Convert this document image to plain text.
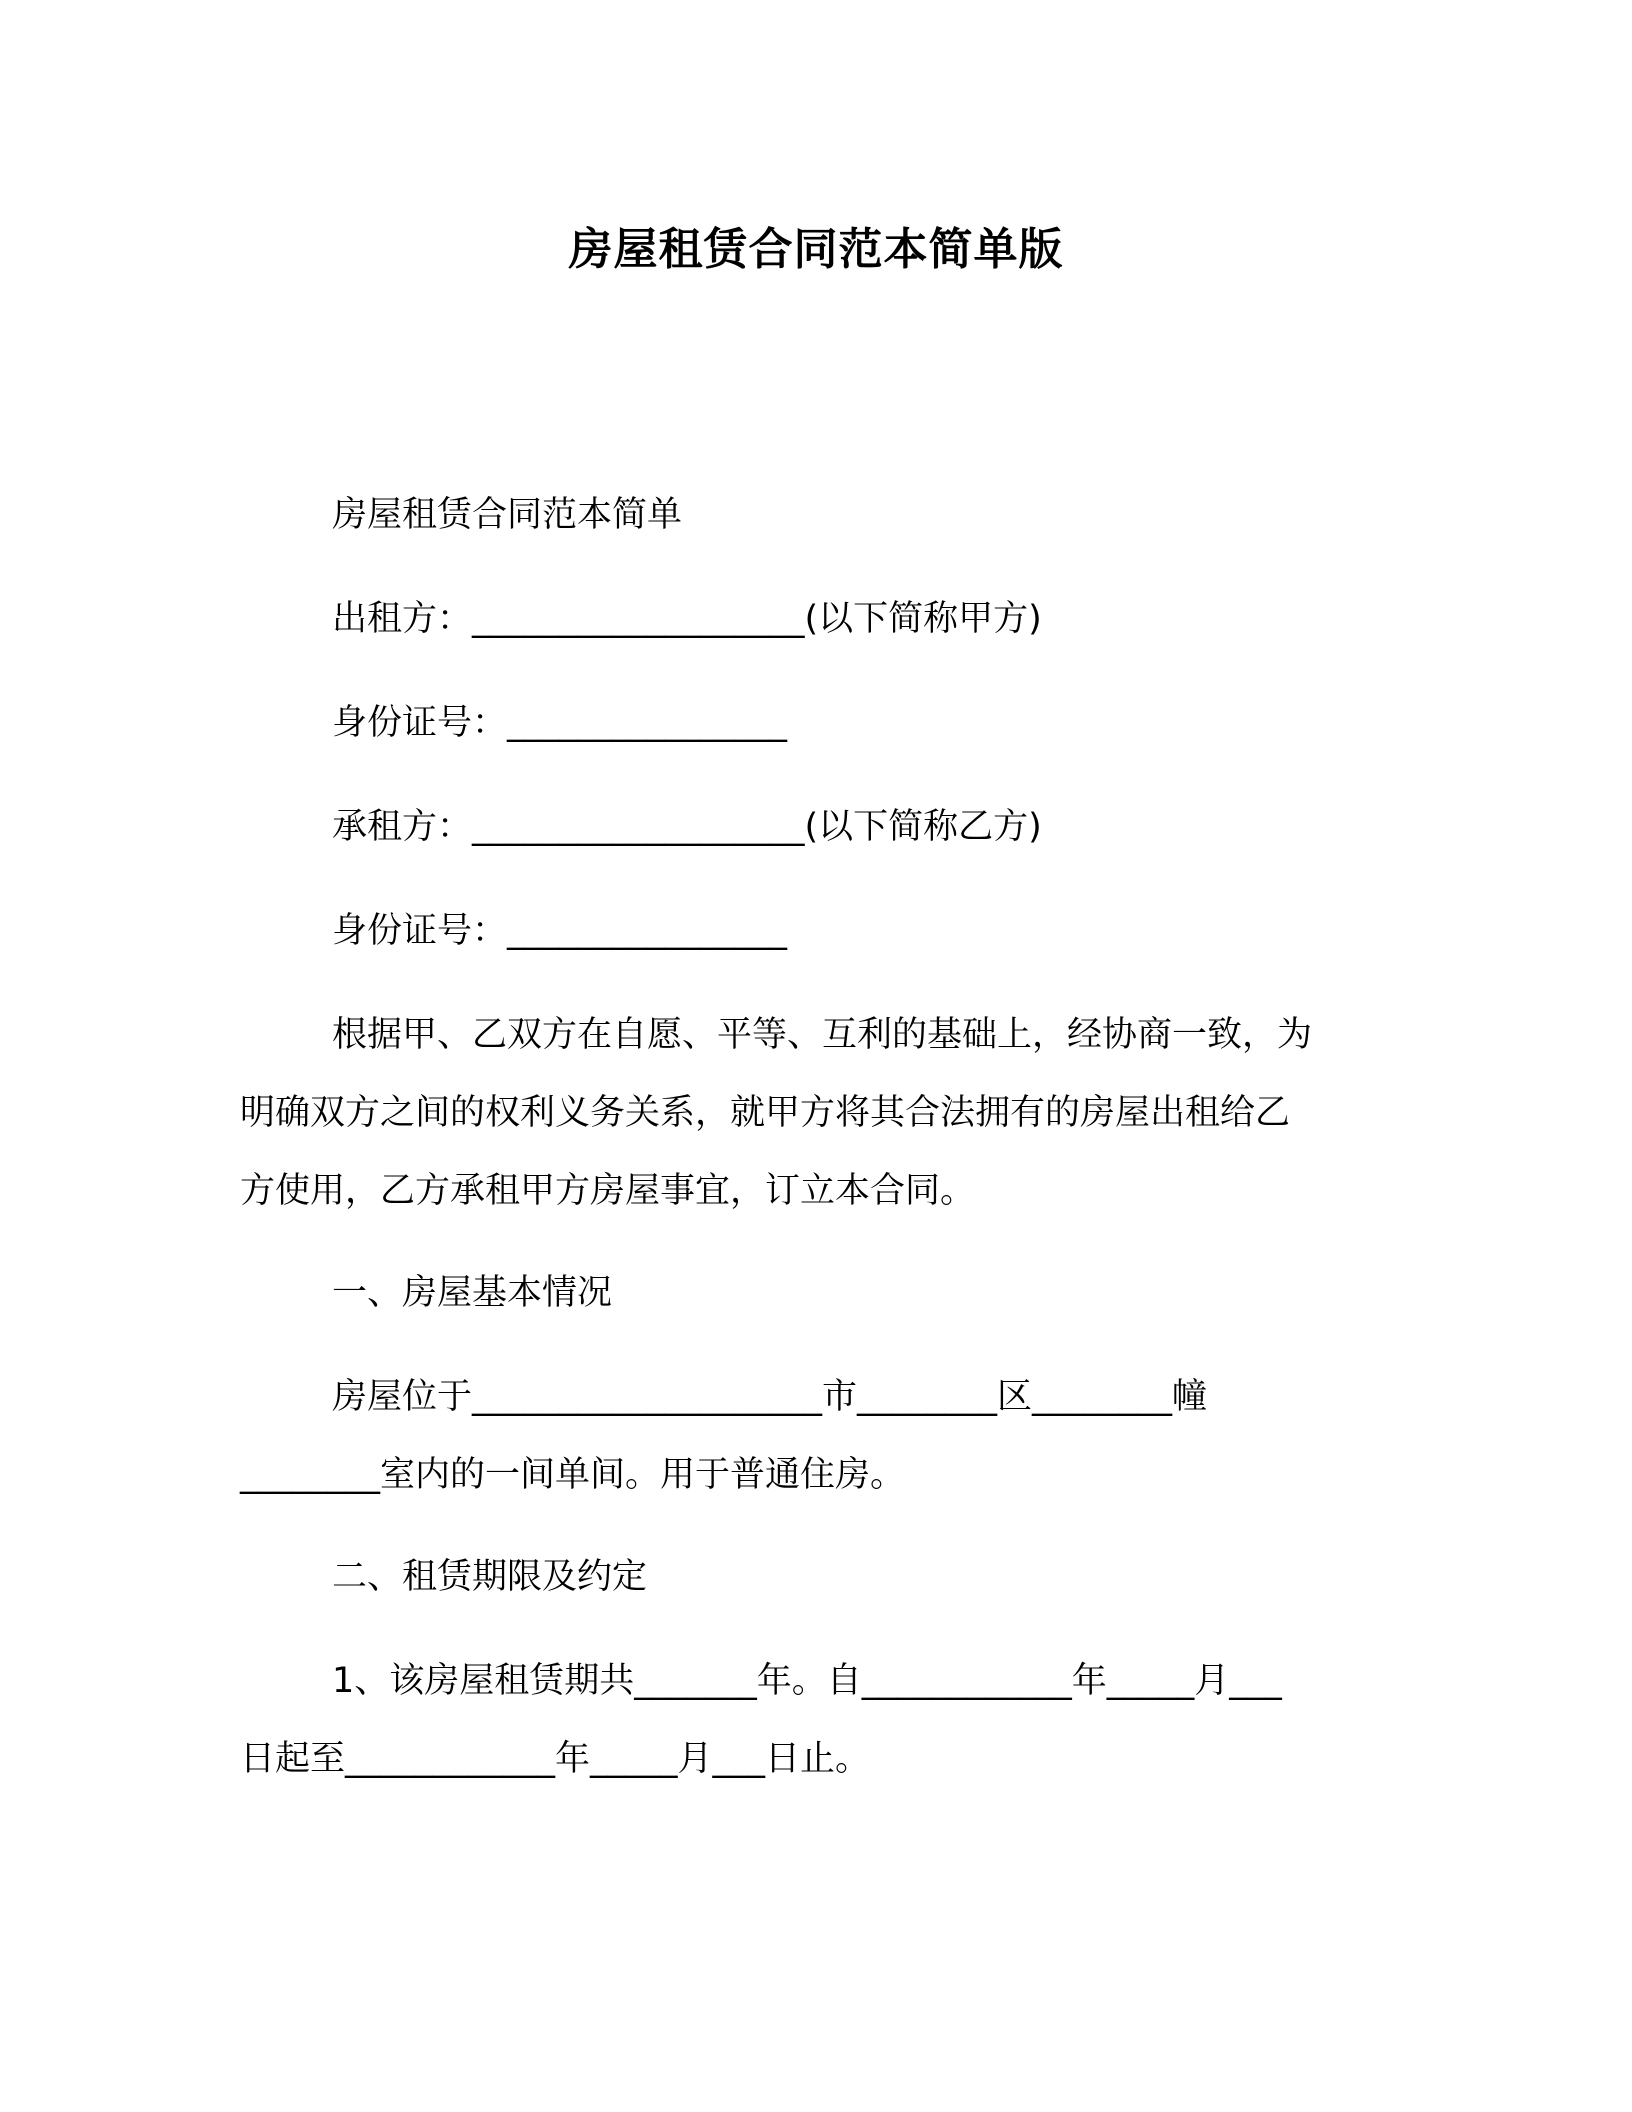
房屋租赁合同范本简单版
房屋租赁合同范本简单
出租方：___________________(以下简称甲方)
身份证号：________________
承租方：___________________(以下简称乙方)
身份证号：________________
根据甲、乙双方在自愿、平等、互利的基础上，经协商一致，为
明确双方之间的权利义务关系，就甲方将其合法拥有的房屋出租给乙
方使用，乙方承租甲方房屋事宜，订立本合同。
一、房屋基本情况
房屋位于____________________市________区________幢
________室内的一间单间。用于普通住房。
二、租赁期限及约定
1、该房屋租赁期共_______年。自____________年_____月___
日起至____________年_____月___日止。
